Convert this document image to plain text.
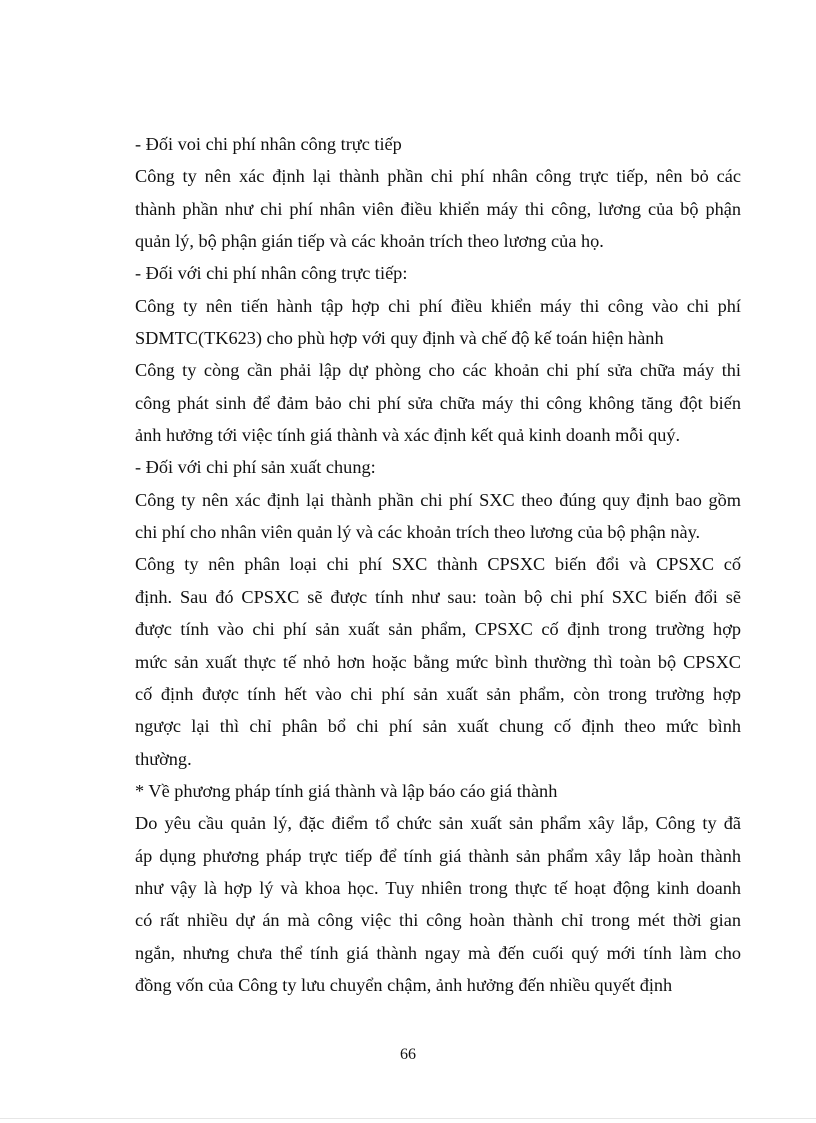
- Đối voi chi phí nhân công trực tiếp
Công ty nên xác định lại thành phần chi phí nhân công trực tiếp, nên bỏ các
thành phần như chi phí nhân viên điều khiển máy thi công, lương của bộ phận
quản lý, bộ phận gián tiếp và các khoản trích theo lương của họ.
- Đối với chi phí nhân công trực tiếp:
Công ty nên tiến hành tập hợp chi phí điều khiển máy thi công vào chi phí
SDMTC(TK623) cho phù hợp với quy định và chế độ kế toán hiện hành
Công ty còng cần phải lập dự phòng cho các khoản chi phí sửa chữa máy thi
công phát sinh để đảm bảo chi phí sửa chữa máy thi công không tăng đột biến
ảnh hưởng tới việc tính giá thành và xác định kết quả kinh doanh mỗi quý.
- Đối với chi phí sản xuất chung:
Công ty nên xác định lại thành phần chi phí SXC theo đúng quy định bao gồm
chi phí cho nhân viên quản lý và các khoản trích theo lương của bộ phận này.
Công ty nên phân loại chi phí SXC thành CPSXC biến đổi và CPSXC cố
định. Sau đó CPSXC sẽ được tính như sau: toàn bộ chi phí SXC biến đổi sẽ
được tính vào chi phí sản xuất sản phẩm, CPSXC cố định trong trường hợp
mức sản xuất thực tế nhỏ hơn hoặc bằng mức bình thường thì toàn bộ CPSXC
cố định được tính hết vào chi phí sản xuất sản phẩm, còn trong trường hợp
ngược lại thì chỉ phân bổ chi phí sản xuất chung cố định theo mức bình
thường.
* Về phương pháp tính giá thành và lập báo cáo giá thành
Do yêu cầu quản lý, đặc điểm tổ chức sản xuất sản phẩm xây lắp, Công ty đã
áp dụng phương pháp trực tiếp để tính giá thành sản phẩm xây lắp hoàn thành
như vậy là hợp lý và khoa học. Tuy nhiên trong thực tế hoạt động kinh doanh
có rất nhiều dự án mà công việc thi công hoàn thành chỉ trong mét thời gian
ngắn, nhưng chưa thể tính giá thành ngay mà đến cuối quý mới tính làm cho
đồng vốn của Công ty lưu chuyển chậm, ảnh hưởng đến nhiều quyết định
66
